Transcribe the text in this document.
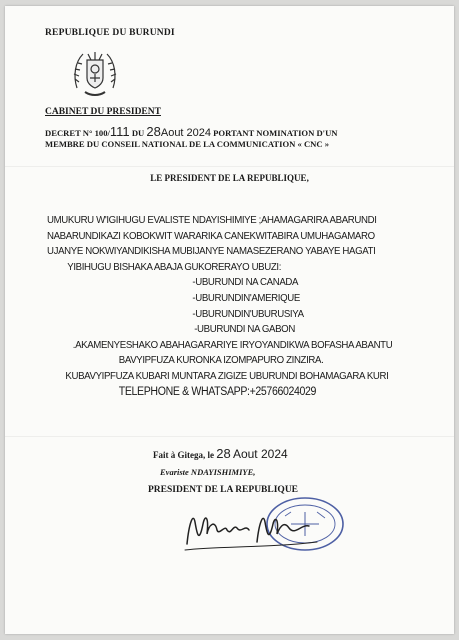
REPUBLIQUE DU BURUNDI
CABINET DU PRESIDENT
DECRET N° 100/111 DU 28Aout 2024 PORTANT NOMINATION D'UN
MEMBRE DU CONSEIL NATIONAL DE LA COMMUNICATION « CNC »
LE PRESIDENT DE LA REPUBLIQUE,
UMUKURU W'IGIHUGU EVALISTE NDAYISHIMIYE ;AHAMAGARIRA ABARUNDI
NABARUNDIKAZI KOBOKWIT WARARIKA CANEKWITABIRA UMUHAGAMARO
UJANYE NOKWIYANDIKISHA MUBIJANYE NAMASEZERANO YABAYE HAGATI
YIBIHUGU BISHAKA ABAJA GUKORERAYO UBUZI:
-UBURUNDI NA CANADA
-UBURUNDIN'AMERIQUE
-UBURUNDIN'UBURUSIYA
-UBURUNDI NA GABON
.AKAMENYESHAKO ABAHAGARARIYE IRYOYANDIKWA BOFASHA ABANTU
BAVYIPFUZA KURONKA IZOMPAPURO ZINZIRA.
KUBAVYIPFUZA KUBARI MUNTARA ZIGIZE UBURUNDI BOHAMAGARA KURI
TELEPHONE & WHATSAPP:+25766024029
Fait à Gitega, le 28 Aout 2024
Evariste NDAYISHIMIYE,
PRESIDENT DE LA REPUBLIQUE
